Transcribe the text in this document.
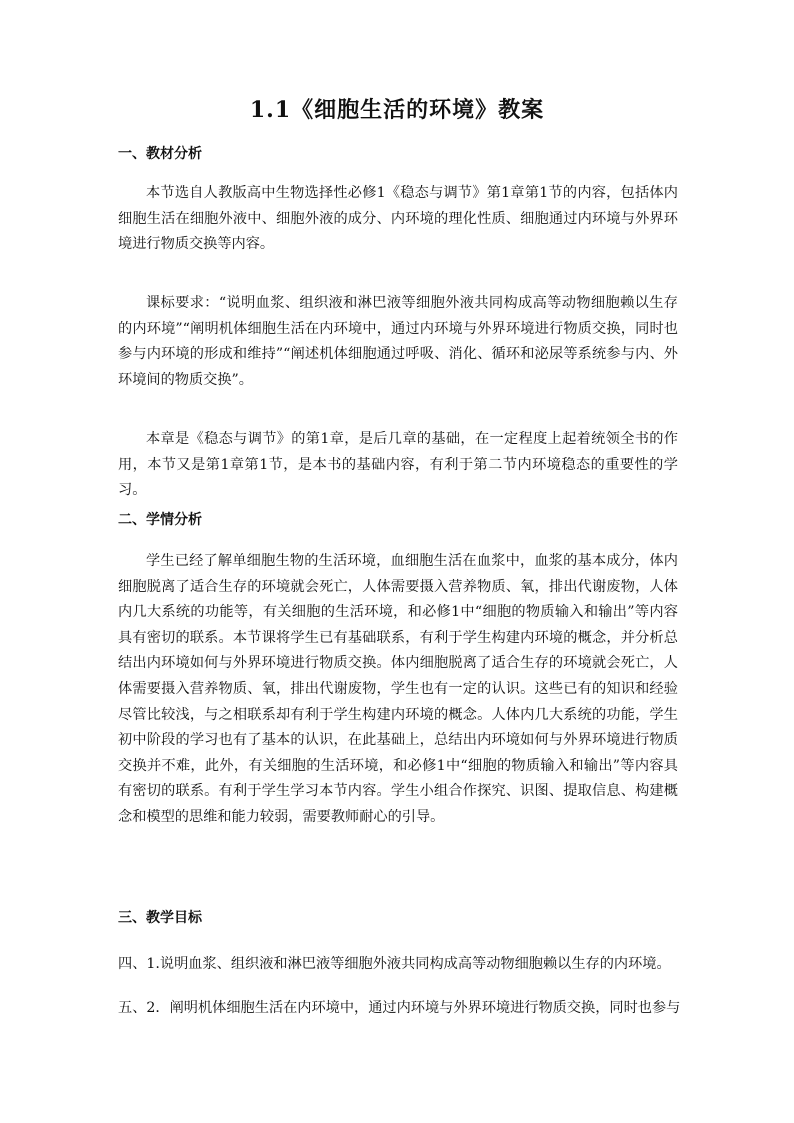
1.1《细胞生活的环境》教案
一、教材分析

本节选自人教版高中生物选择性必修1《稳态与调节》第1章第1节的内容，包括体内细胞生活在细胞外液中、细胞外液的成分、内环境的理化性质、细胞通过内环境与外界环境进行物质交换等内容。

课标要求：“说明血浆、组织液和淋巴液等细胞外液共同构成高等动物细胞赖以生存的内环境”“阐明机体细胞生活在内环境中，通过内环境与外界环境进行物质交换，同时也参与内环境的形成和维持”“阐述机体细胞通过呼吸、消化、循环和泌尿等系统参与内、外环境间的物质交换”。

本章是《稳态与调节》的第1章，是后几章的基础，在一定程度上起着统领全书的作用，本节又是第1章第1节，是本书的基础内容，有利于第二节内环境稳态的重要性的学习。

二、学情分析

学生已经了解单细胞生物的生活环境，血细胞生活在血浆中，血浆的基本成分，体内细胞脱离了适合生存的环境就会死亡，人体需要摄入营养物质、氧，排出代谢废物，人体内几大系统的功能等，有关细胞的生活环境，和必修1中“细胞的物质输入和输出”等内容具有密切的联系。本节课将学生已有基础联系，有利于学生构建内环境的概念，并分析总结出内环境如何与外界环境进行物质交换。体内细胞脱离了适合生存的环境就会死亡，人体需要摄入营养物质、氧，排出代谢废物，学生也有一定的认识。这些已有的知识和经验尽管比较浅，与之相联系却有利于学生构建内环境的概念。人体内几大系统的功能，学生初中阶段的学习也有了基本的认识，在此基础上，总结出内环境如何与外界环境进行物质交换并不难，此外，有关细胞的生活环境，和必修1中“细胞的物质输入和输出”等内容具有密切的联系。有利于学生学习本节内容。学生小组合作探究、识图、提取信息、构建概念和模型的思维和能力较弱，需要教师耐心的引导。

三、教学目标
四、1.说明血浆、组织液和淋巴液等细胞外液共同构成高等动物细胞赖以生存的内环境。
五、2．阐明机体细胞生活在内环境中，通过内环境与外界环境进行物质交换，同时也参与
